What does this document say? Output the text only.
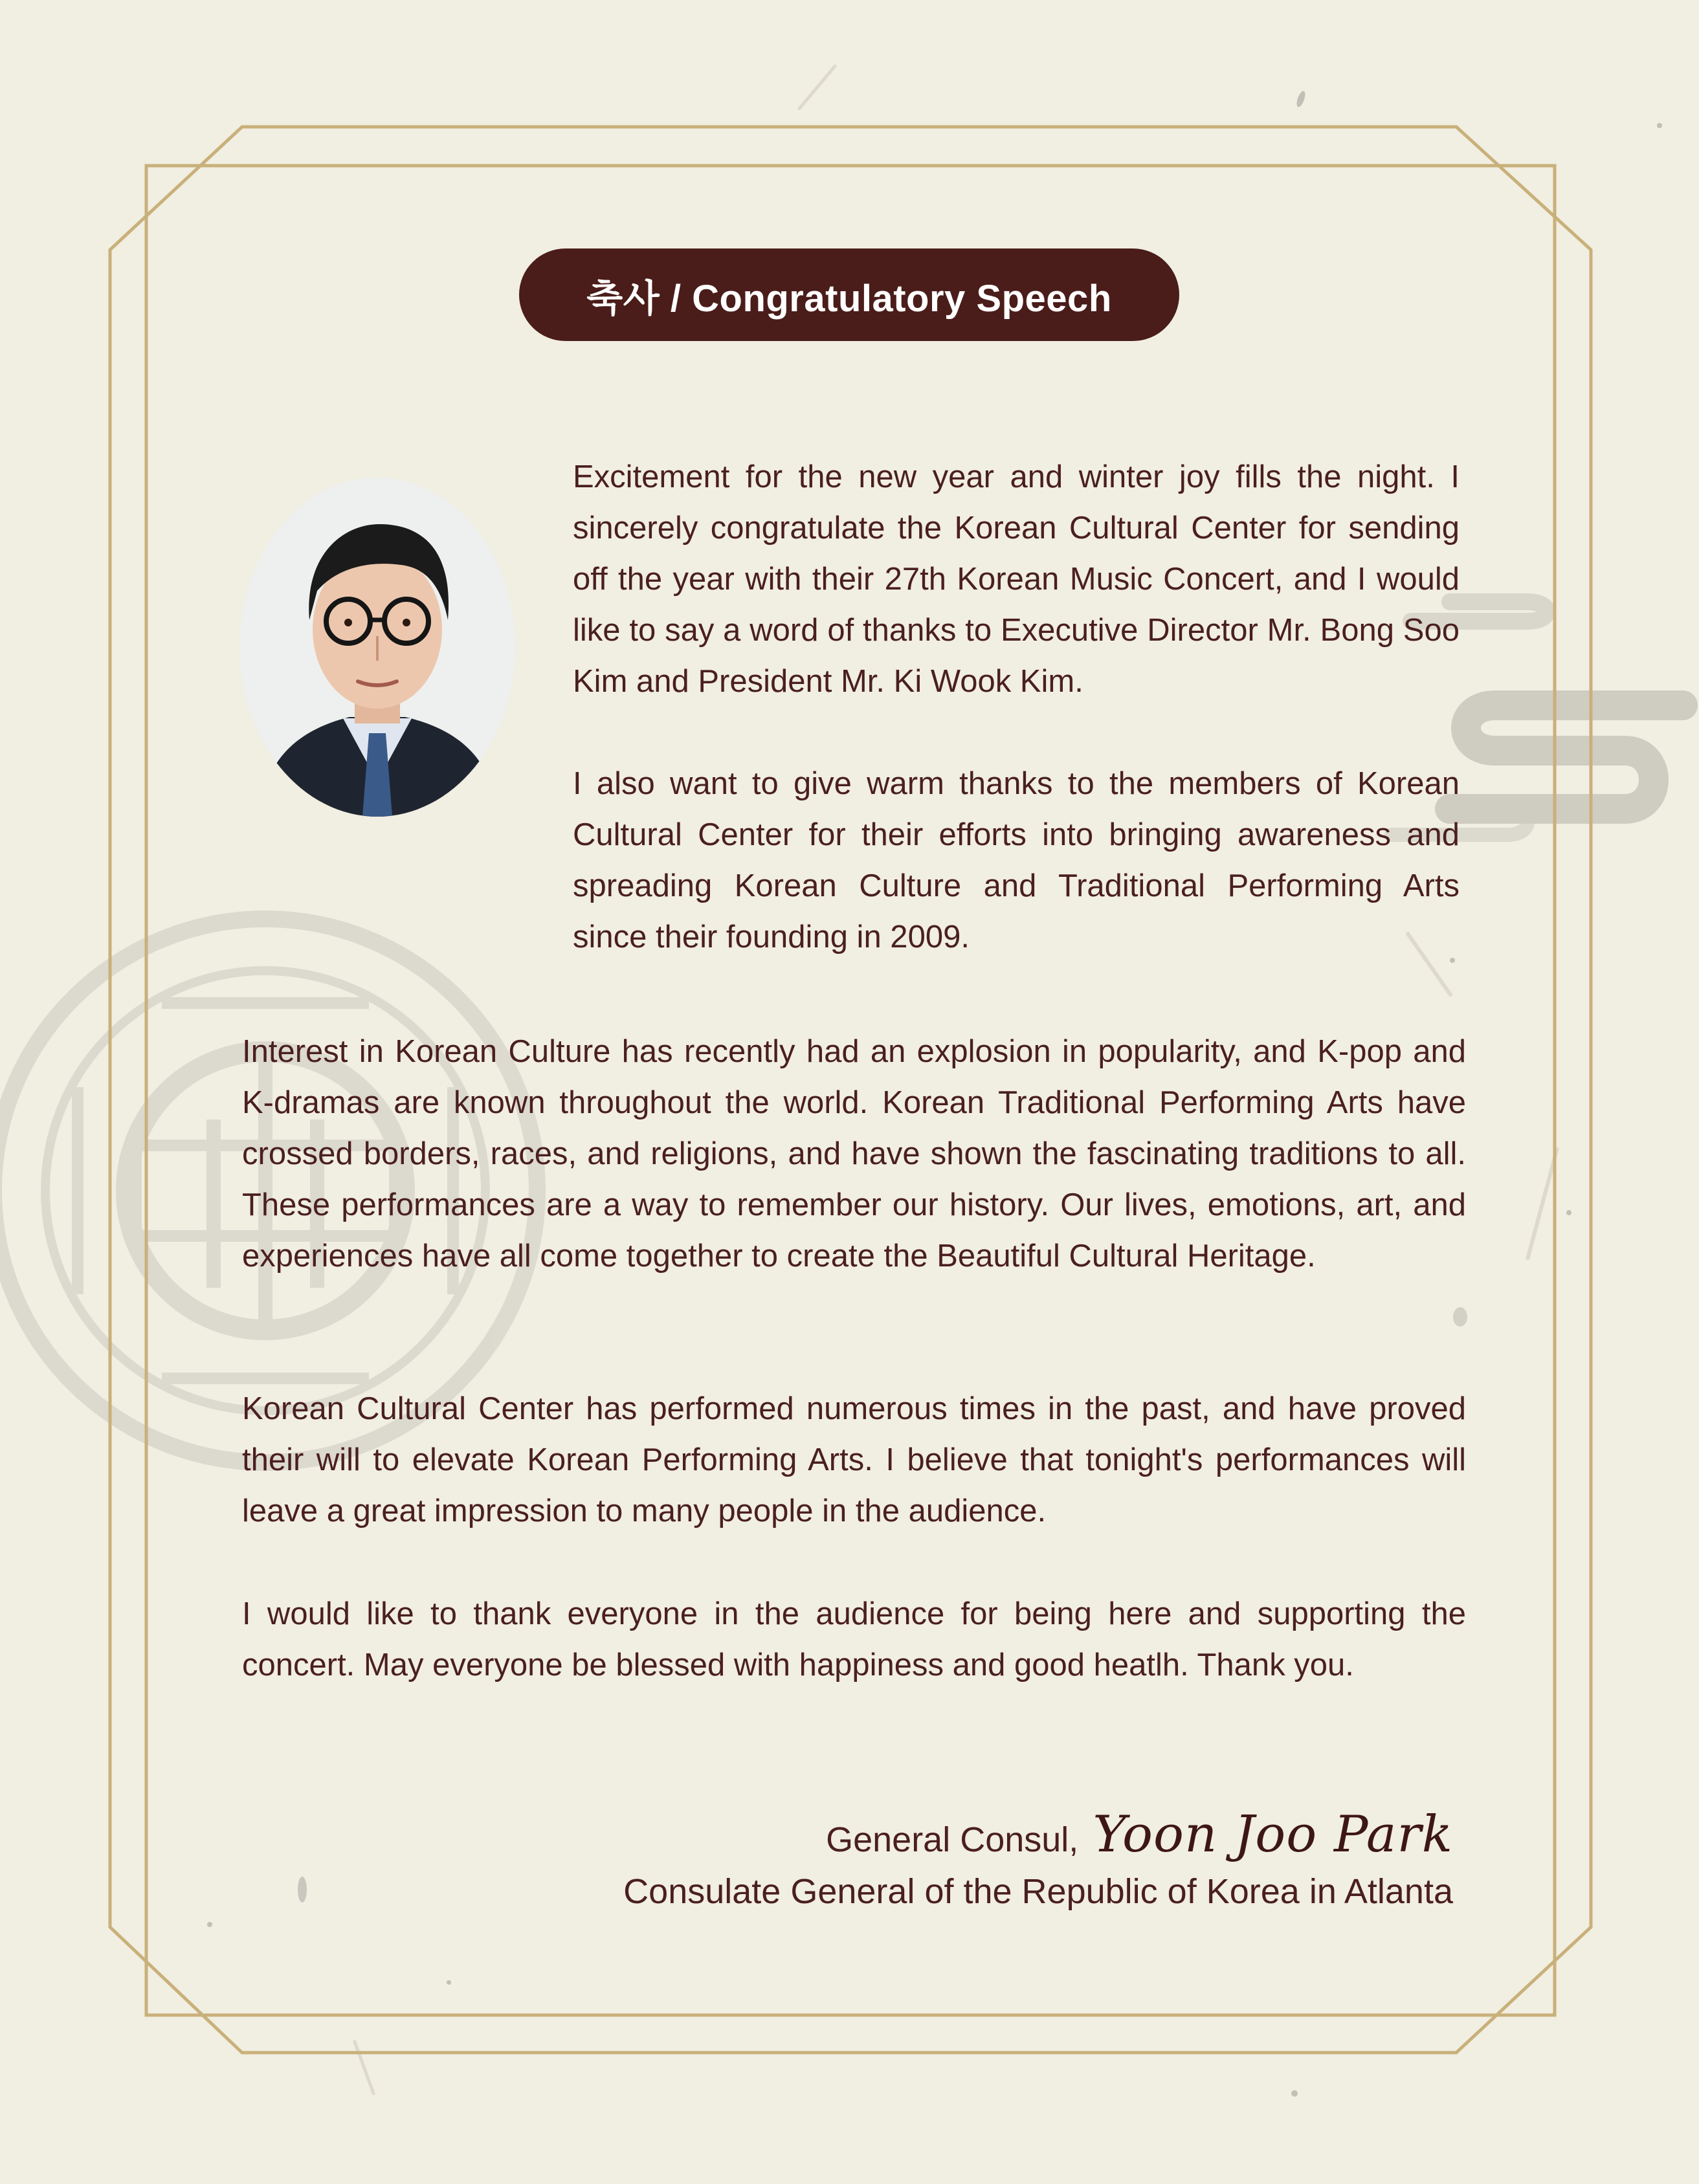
축사 / Congratulatory Speech

Excitement for the new year and winter joy fills the night. I sincerely congratulate the Korean Cultural Center for sending off the year with their 27th Korean Music Concert, and I would like to say a word of thanks to Executive Director Mr. Bong Soo Kim and President Mr. Ki Wook Kim.

I also want to give warm thanks to the members of Korean Cultural Center for their efforts into bringing awareness and spreading Korean Culture and Traditional Performing Arts since their founding in 2009.

Interest in Korean Culture has recently had an explosion in popularity, and K-pop and K-dramas are known throughout the world. Korean Traditional Performing Arts have crossed borders, races, and religions, and have shown the fascinating traditions to all. These performances are a way to remember our history. Our lives, emotions, art, and experiences have all come together to create the Beautiful Cultural Heritage.

Korean Cultural Center has performed numerous times in the past, and have proved their will to elevate Korean Performing Arts. I believe that tonight's performances will leave a great impression to many people in the audience.

I would like to thank everyone in the audience for being here and supporting the concert. May everyone be blessed with happiness and good heatlh. Thank you.

General Consul, Yoon Joo Park
Consulate General of the Republic of Korea in Atlanta
